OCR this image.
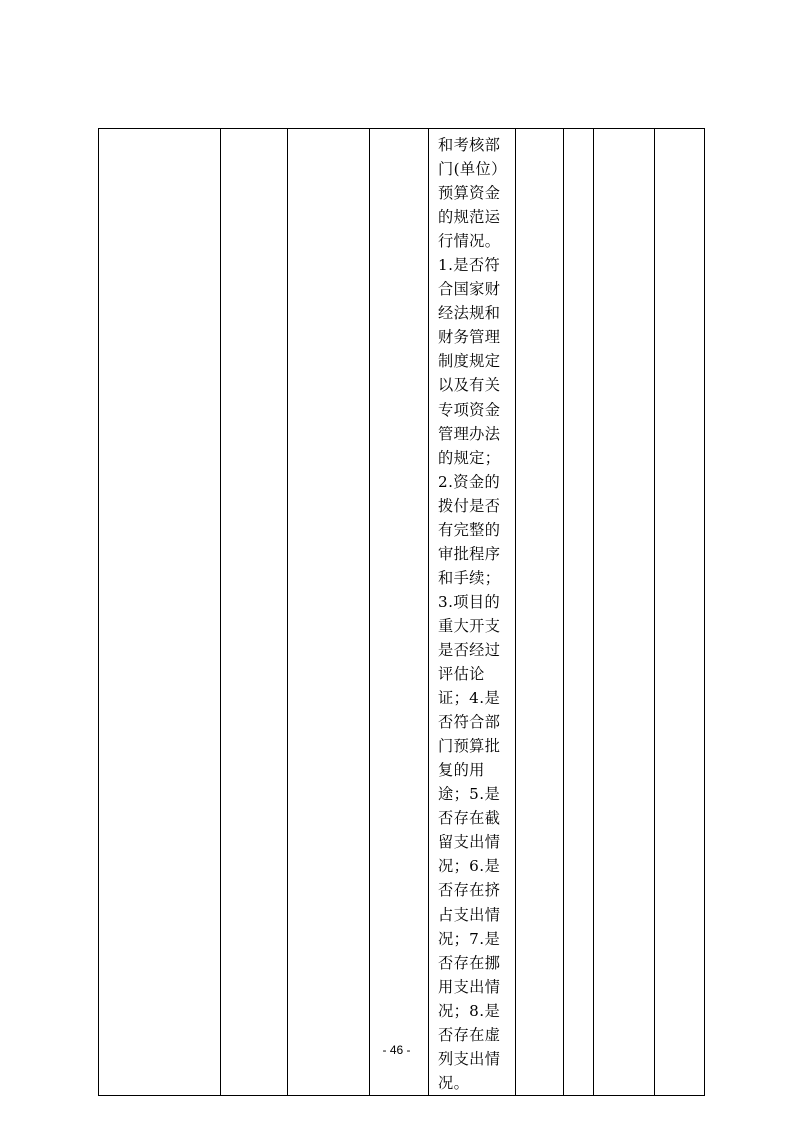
和考核部
门(单位）
预算资金
的规范运
行情况。
1.是否符
合国家财
经法规和
财务管理
制度规定
以及有关
专项资金
管理办法
的规定；
2.资金的
拨付是否
有完整的
审批程序
和手续；
3.项目的
重大开支
是否经过
评估论
证；4.是
否符合部
门预算批
复的用
途；5.是
否存在截
留支出情
况；6.是
否存在挤
占支出情
况；7.是
否存在挪
用支出情
况；8.是
否存在虚
列支出情
况。

- 46 -
